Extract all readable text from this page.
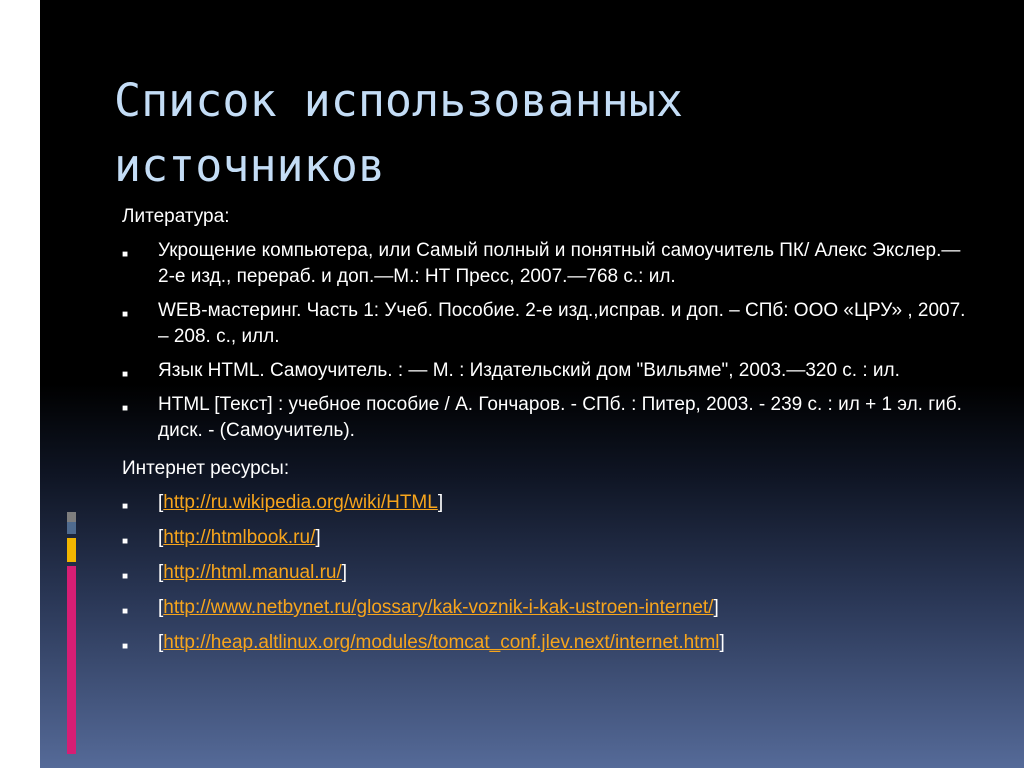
Список использованных источников

Литература:

■ Укрощение компьютера, или Самый полный и понятный самоучитель ПК/ Алекс Экслер.—2-е изд., перераб. и доп.—М.: НТ Пресс, 2007.—768 с.: ил.
■ WEB-мастеринг. Часть 1: Учеб. Пособие. 2-е изд.,исправ. и доп. – СПб: ООО «ЦРУ» , 2007. – 208. с., илл.
■ Язык HTML. Самоучитель. : — М. : Издательский дом "Вильяме", 2003.—320 с. : ил.
■ HTML [Текст] : учебное пособие / А. Гончаров. - СПб. : Питер, 2003. - 239 с. : ил + 1 эл. гиб. диск. - (Самоучитель).

Интернет ресурсы:

■ [http://ru.wikipedia.org/wiki/HTML]
■ [http://htmlbook.ru/]
■ [http://html.manual.ru/]
■ [http://www.netbynet.ru/glossary/kak-voznik-i-kak-ustroen-internet/]
■ [http://heap.altlinux.org/modules/tomcat_conf.jlev.next/internet.html]
